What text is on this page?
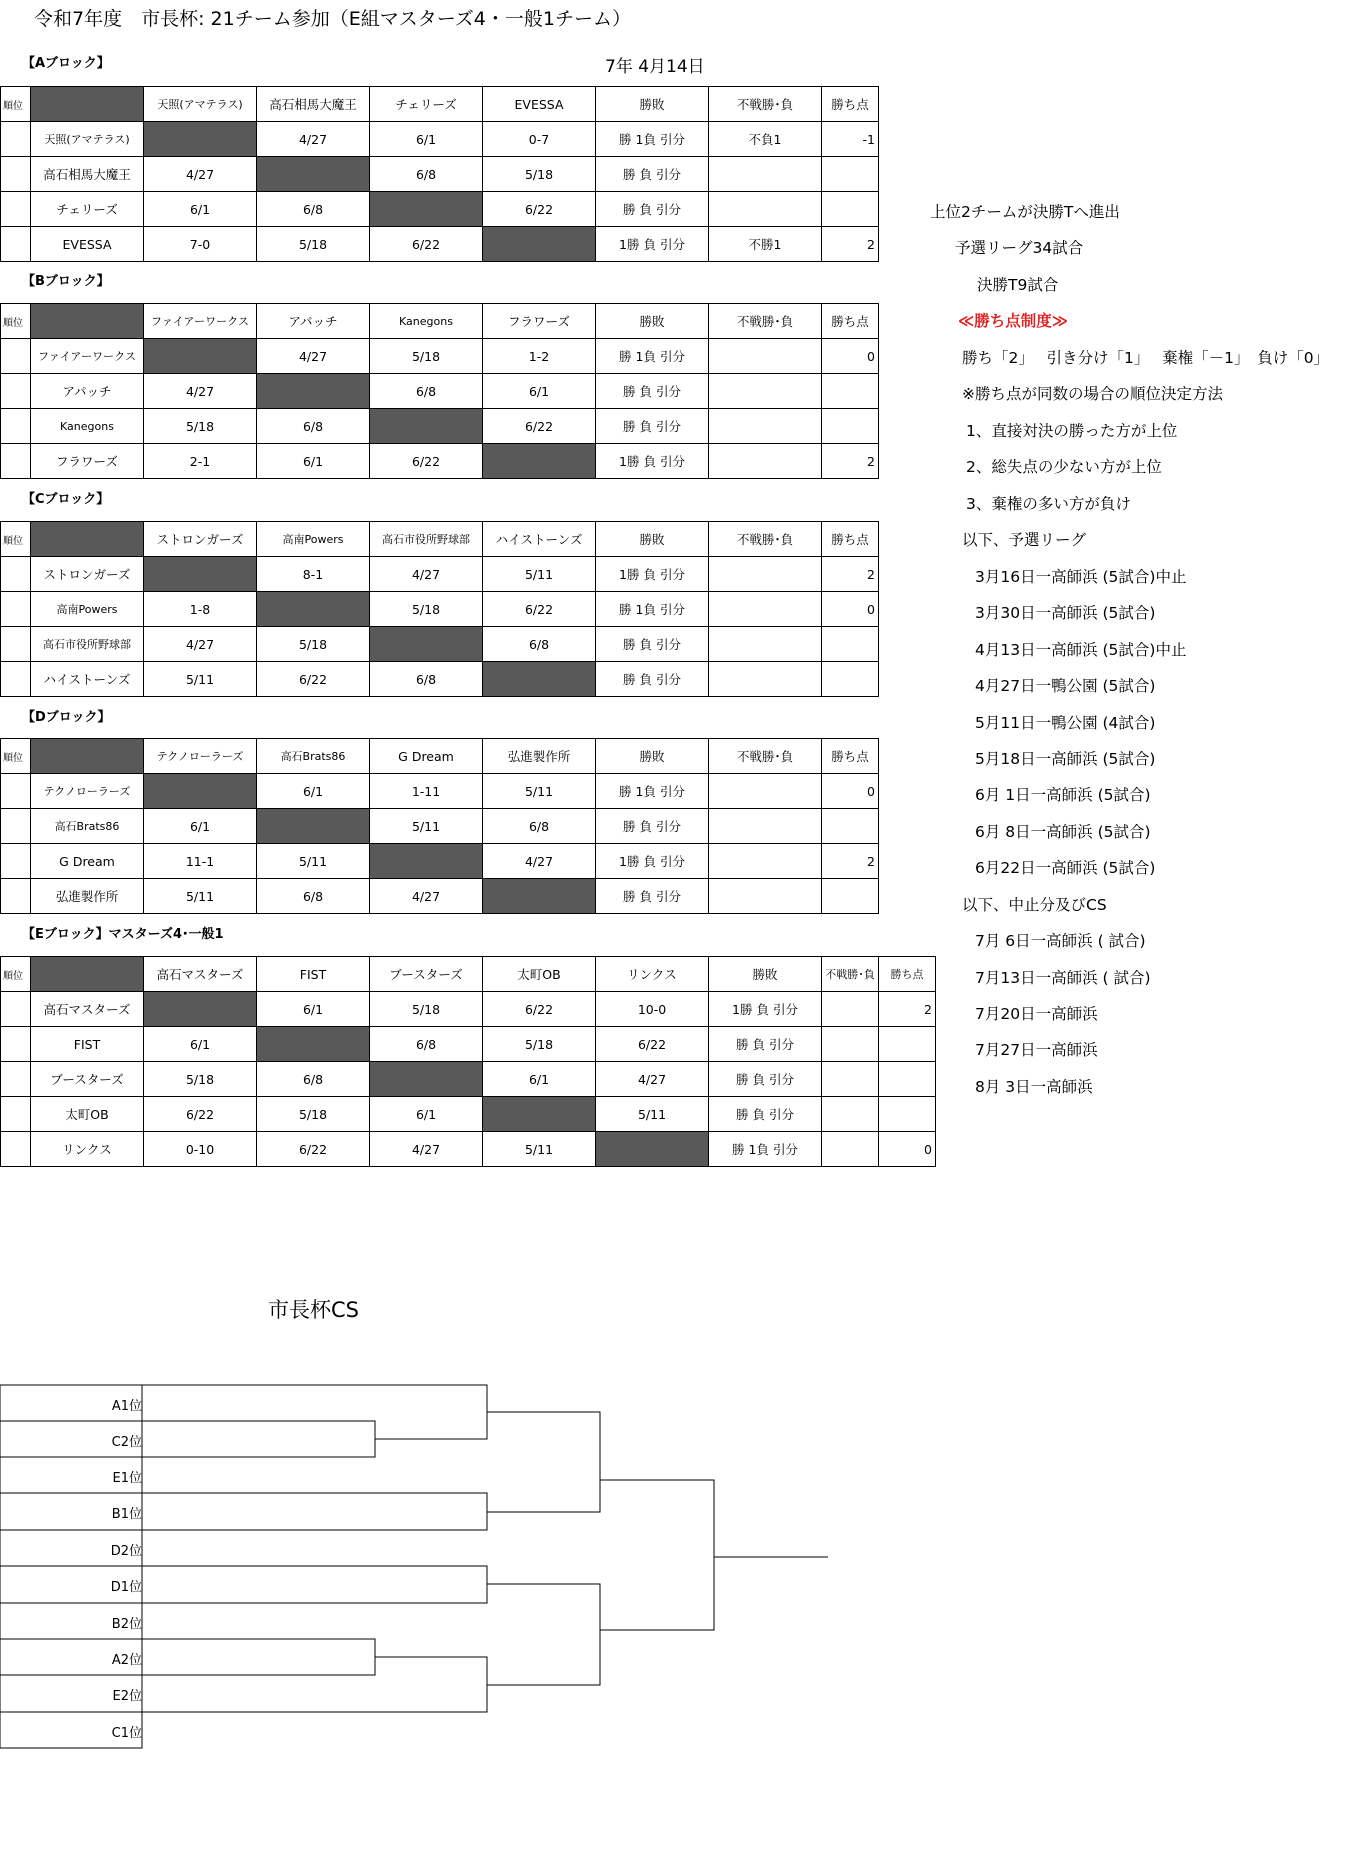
令和7年度　市長杯: 21チーム参加（E組マスターズ4・一般1チーム）
7年 4月14日
【Aブロック】
順位		天照(アマテラス)	高石相馬大魔王	チェリーズ	EVESSA	勝敗	不戦勝･負	勝ち点
	天照(アマテラス)		4/27	6/1	0-7	勝 1負 引分	不負1	-1
	高石相馬大魔王	4/27		6/8	5/18	勝 負 引分		
	チェリーズ	6/1	6/8		6/22	勝 負 引分		
	EVESSA	7-0	5/18	6/22		1勝 負 引分	不勝1	2
【Bブロック】
順位		ファイアーワークス	アパッチ	Kanegons	フラワーズ	勝敗	不戦勝･負	勝ち点
	ファイアーワークス		4/27	5/18	1-2	勝 1負 引分		0
	アパッチ	4/27		6/8	6/1	勝 負 引分		
	Kanegons	5/18	6/8		6/22	勝 負 引分		
	フラワーズ	2-1	6/1	6/22		1勝 負 引分		2
【Cブロック】
順位		ストロンガーズ	高南Powers	高石市役所野球部	ハイストーンズ	勝敗	不戦勝･負	勝ち点
	ストロンガーズ		8-1	4/27	5/11	1勝 負 引分		2
	高南Powers	1-8		5/18	6/22	勝 1負 引分		0
	高石市役所野球部	4/27	5/18		6/8	勝 負 引分		
	ハイストーンズ	5/11	6/22	6/8		勝 負 引分		
【Dブロック】
順位		テクノローラーズ	高石Brats86	G Dream	弘進製作所	勝敗	不戦勝･負	勝ち点
	テクノローラーズ		6/1	1-11	5/11	勝 1負 引分		0
	高石Brats86	6/1		5/11	6/8	勝 負 引分		
	G Dream	11-1	5/11		4/27	1勝 負 引分		2
	弘進製作所	5/11	6/8	4/27		勝 負 引分		
【Eブロック】マスターズ4･一般1
順位		高石マスターズ	FIST	ブースターズ	太町OB	リンクス	勝敗	不戦勝･負	勝ち点
	高石マスターズ		6/1	5/18	6/22	10-0	1勝 負 引分		2
	FIST	6/1		6/8	5/18	6/22	勝 負 引分		
	ブースターズ	5/18	6/8		6/1	4/27	勝 負 引分		
	太町OB	6/22	5/18	6/1		5/11	勝 負 引分		
	リンクス	0-10	6/22	4/27	5/11		勝 1負 引分		0
上位2チームが決勝Tへ進出
予選リーグ34試合
決勝T9試合
≪勝ち点制度≫
勝ち「2」　 引き分け「1」　 棄権「－1」　負け「0」
※勝ち点が同数の場合の順位決定方法
1、直接対決の勝った方が上位
2、総失点の少ない方が上位
3、棄権の多い方が負け
以下、予選リーグ
3月16日一高師浜 (5試合)中止
3月30日一高師浜 (5試合)
4月13日一高師浜 (5試合)中止
4月27日一鴨公園 (5試合)
5月11日一鴨公園 (4試合)
5月18日一高師浜 (5試合)
6月 1日一高師浜 (5試合)
6月 8日一高師浜 (5試合)
6月22日一高師浜 (5試合)
以下、中止分及びCS
7月 6日一高師浜 ( 試合)
7月13日一高師浜 ( 試合)
7月20日一高師浜
7月27日一高師浜
8月 3日一高師浜
市長杯CS
A1位
C2位
E1位
B1位
D2位
D1位
B2位
A2位
E2位
C1位
